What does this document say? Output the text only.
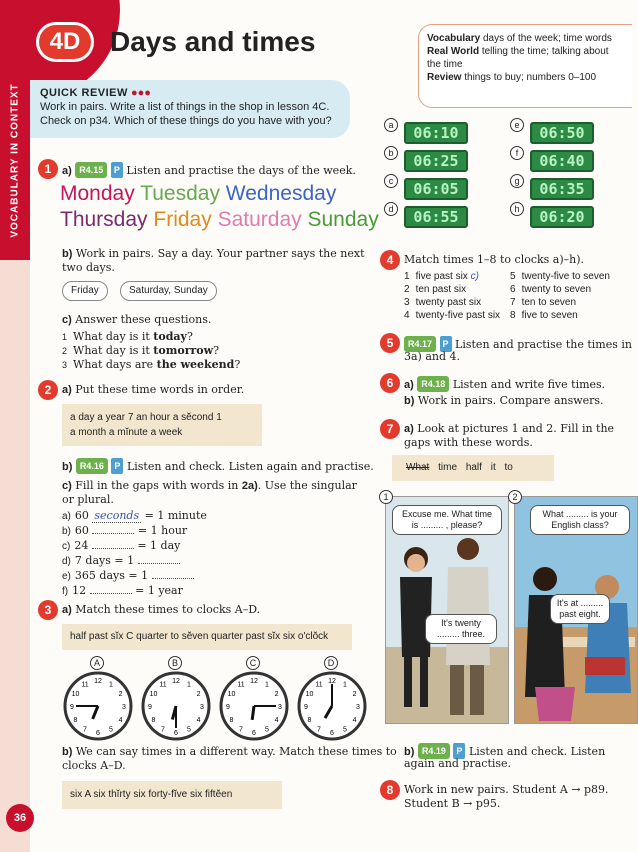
VOCABULARY IN CONTEXT
4D	Days and times	Vocabulary days of the week; time words
Real World telling the time; talking about the time
Review things to buy; numbers 0–100
QUICK REVIEW ●●●
Work in pairs. Write a list of things in the shop in lesson 4C.
Check on p34. Which of these things do you have with you?
1 a) R4.15 P Listen and practise the days of the week.
Monday Tuesday Wednesday
Thursday Friday Saturday Sunday
b) Work in pairs. Say a day. Your partner says the next
two days.
Friday	Saturday, Sunday
c) Answer these questions.
1 What day is it today?
2 What day is it tomorrow?
3 What days are the weekend?
2 a) Put these time words in order.
a day a year 7 an hour a sĕcond 1
a month a mĭnute a week
b) R4.16 P Listen and check. Listen again and practise.
c) Fill in the gaps with words in 2a). Use the singular
or plural.
a) 60 seconds = 1 minute
b) 60	= 1 hour
c) 24	= 1 day
d) 7 days = 1
e) 365 days = 1
f) 12	= 1 year
3 a) Match these times to clocks A–D.
half past sĭx C quarter to sĕven quarter past sĭx six o'clŏck
A
1
2
3
4
5
6
7
8
9
10
11 12
B
1
2
3
4
5
6
7
8
9
10
11 12
C
1
2
3
4
5
6
7
8
9
10
11 12
D
1
2
3
4
5
6
7
8
9
10
11 12
b) We can say times in a different way. Match these times to
clocks A–D.
six A six thĭrty six forty-fĭve six fiftĕen
36
a	06:10
b	06:25
c	06:05
d	06:55
e	06:50
f	06:40
g	06:35
h	06:20
4 Match times 1–8 to clocks a)–h).
1 five past six c)
2 ten past six
3 twenty past six
4 twenty-five past six
5 twenty-five to seven
6 twenty to seven
7 ten to seven
8 five to seven
5	R4.17 P Listen and practise the times in
3a) and 4.
6 a) R4.18 Listen and write five times.
b) Work in pairs. Compare answers.
7 a) Look at pictures 1 and 2. Fill in the
gaps with these words.
What time half it to
1
Excuse me. What time is ......... , please?
It's twenty ......... three.
2
What ......... is your English class?
It's at ......... past eight.
b) R4.19 P Listen and check. Listen
again and practise.
8 Work in new pairs. Student A → p89.
Student B → p95.
